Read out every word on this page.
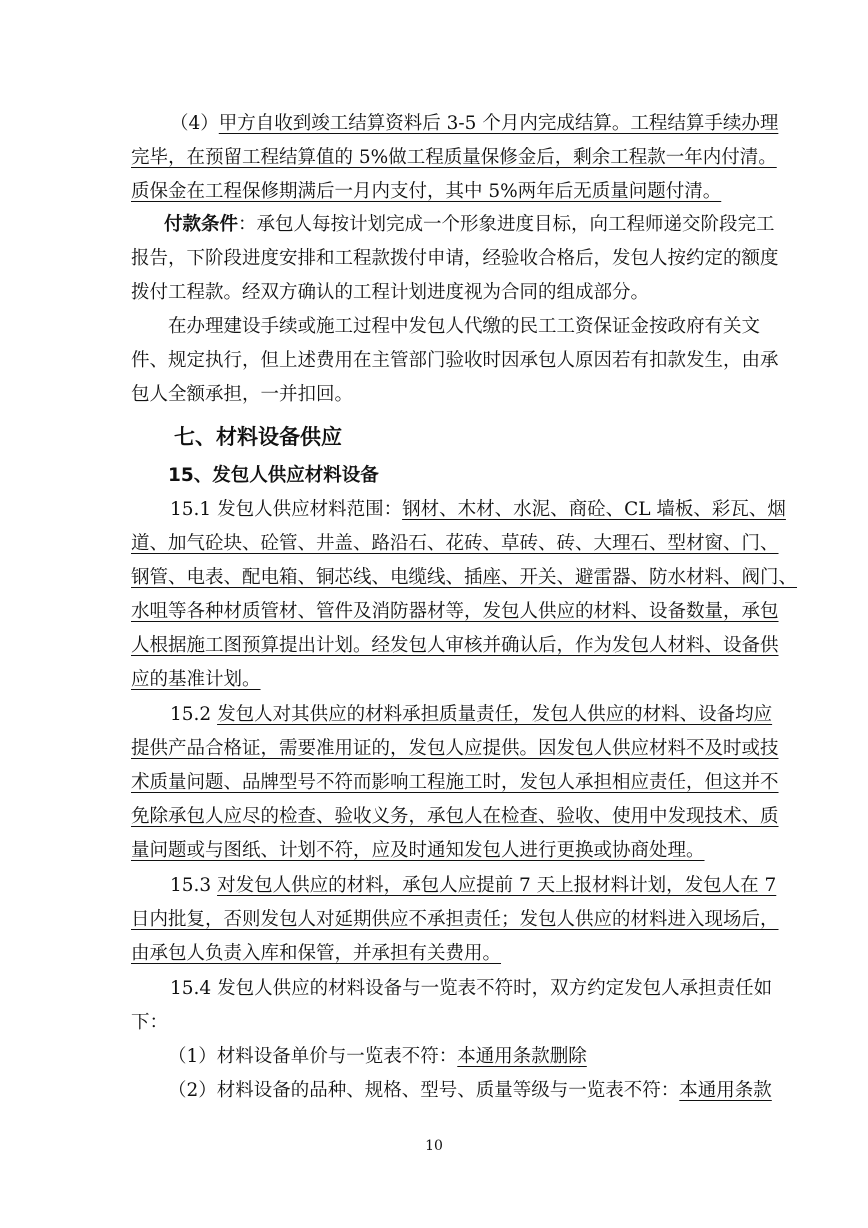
（4）甲方自收到竣工结算资料后 3-5 个月内完成结算。工程结算手续办理
完毕，在预留工程结算值的 5%做工程质量保修金后，剩余工程款一年内付清。
质保金在工程保修期满后一月内支付，其中 5%两年后无质量问题付清。
付款条件：承包人每按计划完成一个形象进度目标，向工程师递交阶段完工
报告，下阶段进度安排和工程款拨付申请，经验收合格后，发包人按约定的额度
拨付工程款。经双方确认的工程计划进度视为合同的组成部分。
在办理建设手续或施工过程中发包人代缴的民工工资保证金按政府有关文
件、规定执行，但上述费用在主管部门验收时因承包人原因若有扣款发生，由承
包人全额承担，一并扣回。
七、材料设备供应
15、发包人供应材料设备
15.1 发包人供应材料范围：钢材、木材、水泥、商砼、CL 墙板、彩瓦、烟
道、加气砼块、砼管、井盖、路沿石、花砖、草砖、砖、大理石、型材窗、门、
钢管、电表、配电箱、铜芯线、电缆线、插座、开关、避雷器、防水材料、阀门、
水咀等各种材质管材、管件及消防器材等，发包人供应的材料、设备数量，承包
人根据施工图预算提出计划。经发包人审核并确认后，作为发包人材料、设备供
应的基准计划。
15.2 发包人对其供应的材料承担质量责任，发包人供应的材料、设备均应
提供产品合格证，需要准用证的，发包人应提供。因发包人供应材料不及时或技
术质量问题、品牌型号不符而影响工程施工时，发包人承担相应责任，但这并不
免除承包人应尽的检查、验收义务，承包人在检查、验收、使用中发现技术、质
量问题或与图纸、计划不符，应及时通知发包人进行更换或协商处理。
15.3 对发包人供应的材料，承包人应提前 7 天上报材料计划，发包人在 7
日内批复，否则发包人对延期供应不承担责任；发包人供应的材料进入现场后，
由承包人负责入库和保管，并承担有关费用。
15.4 发包人供应的材料设备与一览表不符时，双方约定发包人承担责任如
下：
（1）材料设备单价与一览表不符：本通用条款删除
（2）材料设备的品种、规格、型号、质量等级与一览表不符：本通用条款
10
